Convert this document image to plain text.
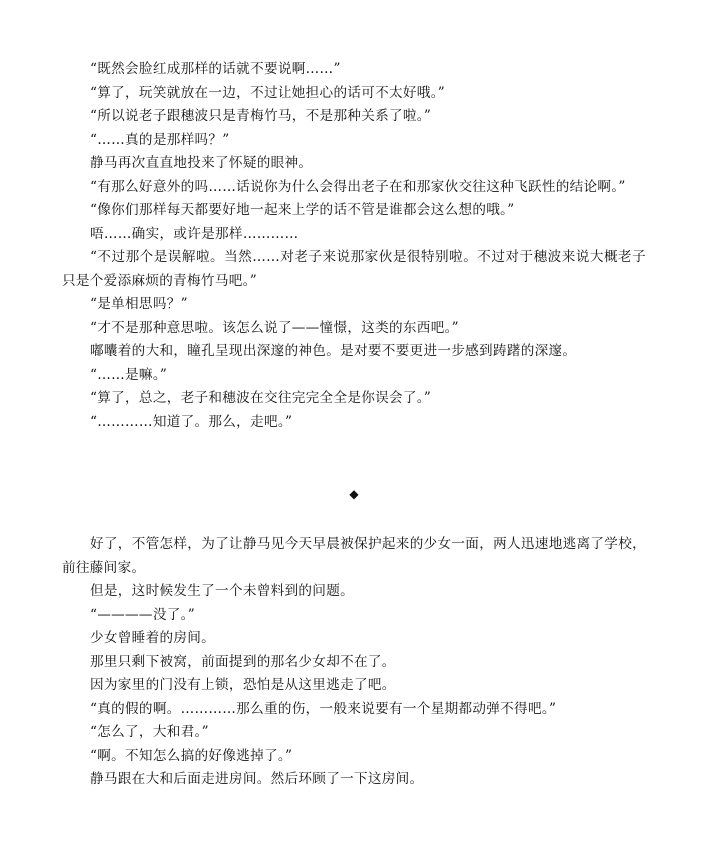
“既然会脸红成那样的话就不要说啊……”

“算了，玩笑就放在一边，不过让她担心的话可不太好哦。”

“所以说老子跟穗波只是青梅竹马，不是那种关系了啦。”

“……真的是那样吗？”

静马再次直直地投来了怀疑的眼神。

“有那么好意外的吗……话说你为什么会得出老子在和那家伙交往这种飞跃性的结论啊。”

“像你们那样每天都要好地一起来上学的话不管是谁都会这么想的哦。”

唔……确实，或许是那样…………

“不过那个是误解啦。当然……对老子来说那家伙是很特别啦。不过对于穗波来说大概老子只是个爱添麻烦的青梅竹马吧。”

“是单相思吗？”

“才不是那种意思啦。该怎么说了——憧憬，这类的东西吧。”

嘟囔着的大和，瞳孔呈现出深邃的神色。是对要不要更进一步感到踌躇的深邃。

“……是嘛。”

“算了，总之，老子和穗波在交往完完全全是你误会了。”

“…………知道了。那么，走吧。”

◆

好了，不管怎样，为了让静马见今天早晨被保护起来的少女一面，两人迅速地逃离了学校，前往藤间家。

但是，这时候发生了一个未曾料到的问题。

“————没了。”

少女曾睡着的房间。

那里只剩下被窝，前面提到的那名少女却不在了。

因为家里的门没有上锁，恐怕是从这里逃走了吧。

“真的假的啊。…………那么重的伤，一般来说要有一个星期都动弹不得吧。”

“怎么了，大和君。”

“啊。不知怎么搞的好像逃掉了。”

静马跟在大和后面走进房间。然后环顾了一下这房间。
